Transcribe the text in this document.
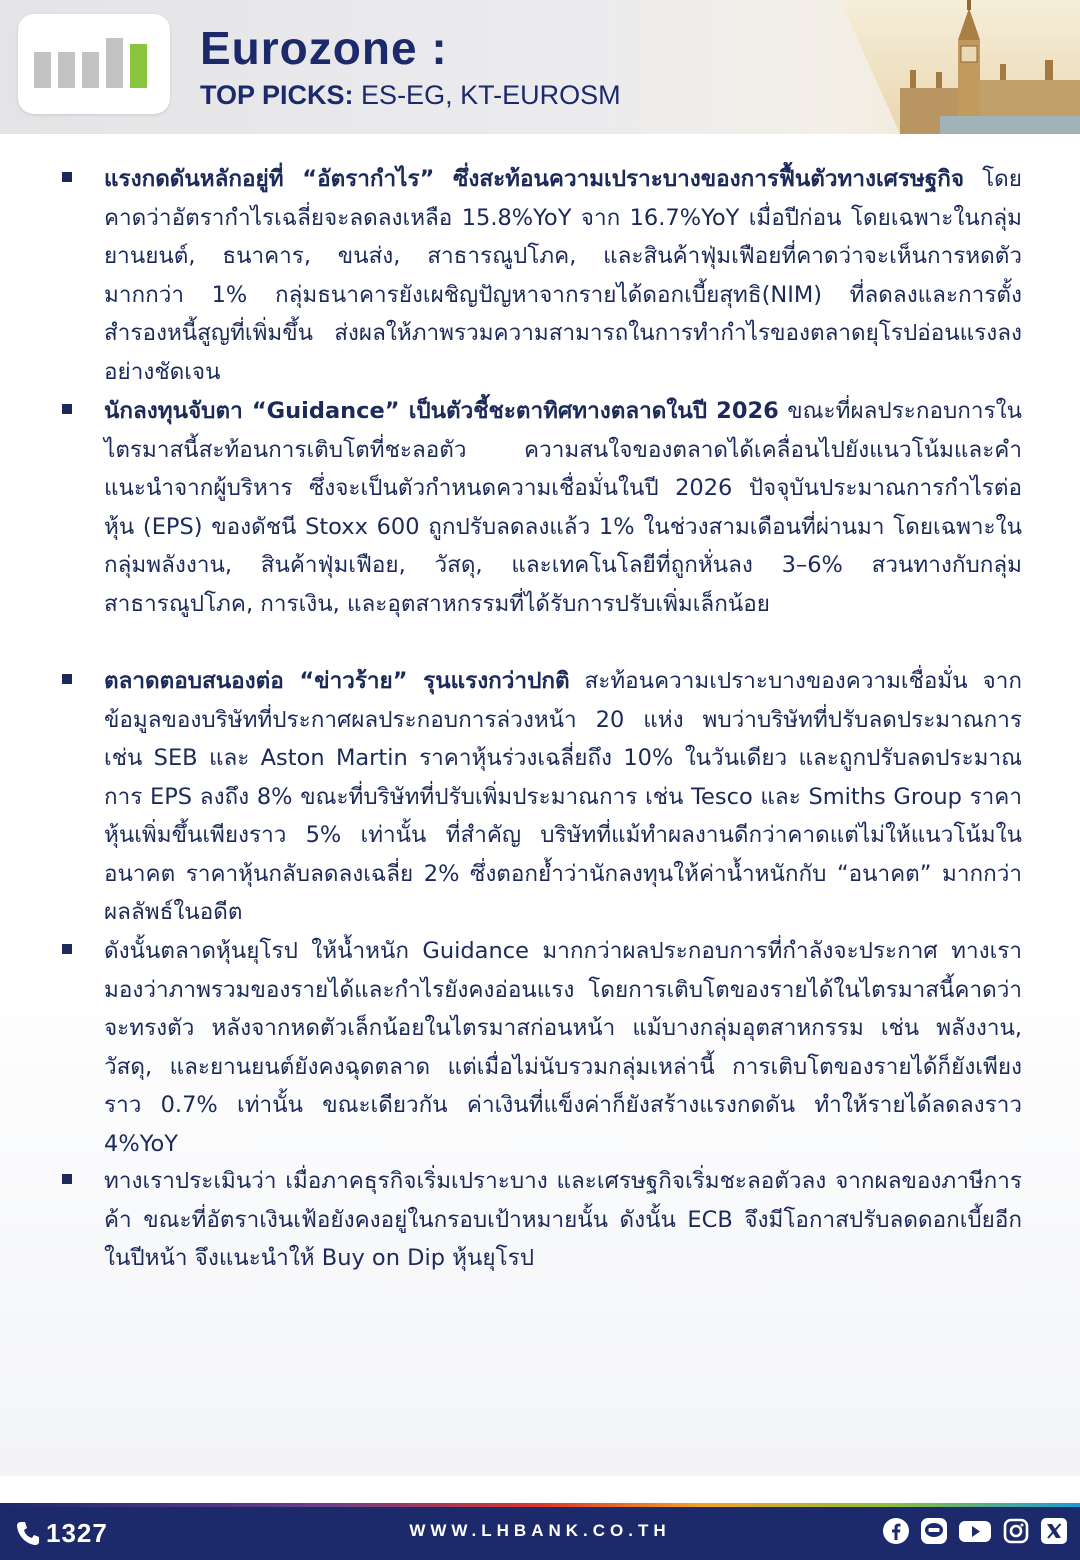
Eurozone :
TOP PICKS: ES-EG, KT-EUROSM

แรงกดดันหลักอยู่ที่ “อัตรากำไร” ซึ่งสะท้อนความเปราะบางของการฟื้นตัวทางเศรษฐกิจ โดยคาดว่าอัตรากำไรเฉลี่ยจะลดลงเหลือ 15.8%YoY จาก 16.7%YoY เมื่อปีก่อน โดยเฉพาะในกลุ่มยานยนต์, ธนาคาร, ขนส่ง, สาธารณูปโภค, และสินค้าฟุ่มเฟือยที่คาดว่าจะเห็นการหดตัวมากกว่า 1% กลุ่มธนาคารยังเผชิญปัญหาจากรายได้ดอกเบี้ยสุทธิ(NIM) ที่ลดลงและการตั้งสำรองหนี้สูญที่เพิ่มขึ้น ส่งผลให้ภาพรวมความสามารถในการทำกำไรของตลาดยุโรปอ่อนแรงลงอย่างชัดเจน

นักลงทุนจับตา “Guidance” เป็นตัวชี้ชะตาทิศทางตลาดในปี 2026 ขณะที่ผลประกอบการในไตรมาสนี้สะท้อนการเติบโตที่ชะลอตัว ความสนใจของตลาดได้เคลื่อนไปยังแนวโน้มและคำแนะนำจากผู้บริหาร ซึ่งจะเป็นตัวกำหนดความเชื่อมั่นในปี 2026 ปัจจุบันประมาณการกำไรต่อหุ้น (EPS) ของดัชนี Stoxx 600 ถูกปรับลดลงแล้ว 1% ในช่วงสามเดือนที่ผ่านมา โดยเฉพาะในกลุ่มพลังงาน, สินค้าฟุ่มเฟือย, วัสดุ, และเทคโนโลยีที่ถูกหั่นลง 3–6% สวนทางกับกลุ่มสาธารณูปโภค, การเงิน, และอุตสาหกรรมที่ได้รับการปรับเพิ่มเล็กน้อย

ตลาดตอบสนองต่อ “ข่าวร้าย” รุนแรงกว่าปกติ สะท้อนความเปราะบางของความเชื่อมั่น จากข้อมูลของบริษัทที่ประกาศผลประกอบการล่วงหน้า 20 แห่ง พบว่าบริษัทที่ปรับลดประมาณการ เช่น SEB และ Aston Martin ราคาหุ้นร่วงเฉลี่ยถึง 10% ในวันเดียว และถูกปรับลดประมาณการ EPS ลงถึง 8% ขณะที่บริษัทที่ปรับเพิ่มประมาณการ เช่น Tesco และ Smiths Group ราคาหุ้นเพิ่มขึ้นเพียงราว 5% เท่านั้น ที่สำคัญ บริษัทที่แม้ทำผลงานดีกว่าคาดแต่ไม่ให้แนวโน้มในอนาคต ราคาหุ้นกลับลดลงเฉลี่ย 2% ซึ่งตอกย้ำว่านักลงทุนให้ค่าน้ำหนักกับ “อนาคต” มากกว่าผลลัพธ์ในอดีต

ดังนั้นตลาดหุ้นยุโรป ให้น้ำหนัก Guidance มากกว่าผลประกอบการที่กำลังจะประกาศ ทางเรามองว่าภาพรวมของรายได้และกำไรยังคงอ่อนแรง โดยการเติบโตของรายได้ในไตรมาสนี้คาดว่าจะทรงตัว หลังจากหดตัวเล็กน้อยในไตรมาสก่อนหน้า แม้บางกลุ่มอุตสาหกรรม เช่น พลังงาน, วัสดุ, และยานยนต์ยังคงฉุดตลาด แต่เมื่อไม่นับรวมกลุ่มเหล่านี้ การเติบโตของรายได้ก็ยังเพียงราว 0.7% เท่านั้น ขณะเดียวกัน ค่าเงินที่แข็งค่าก็ยังสร้างแรงกดดัน ทำให้รายได้ลดลงราว 4%YoY

ทางเราประเมินว่า เมื่อภาคธุรกิจเริ่มเปราะบาง และเศรษฐกิจเริ่มชะลอตัวลง จากผลของภาษีการค้า ขณะที่อัตราเงินเฟ้อยังคงอยู่ในกรอบเป้าหมายนั้น ดังนั้น ECB จึงมีโอกาสปรับลดดอกเบี้ยอีกในปีหน้า จึงแนะนำให้ Buy on Dip หุ้นยุโรป

1327	WWW.LHBANK.CO.TH
